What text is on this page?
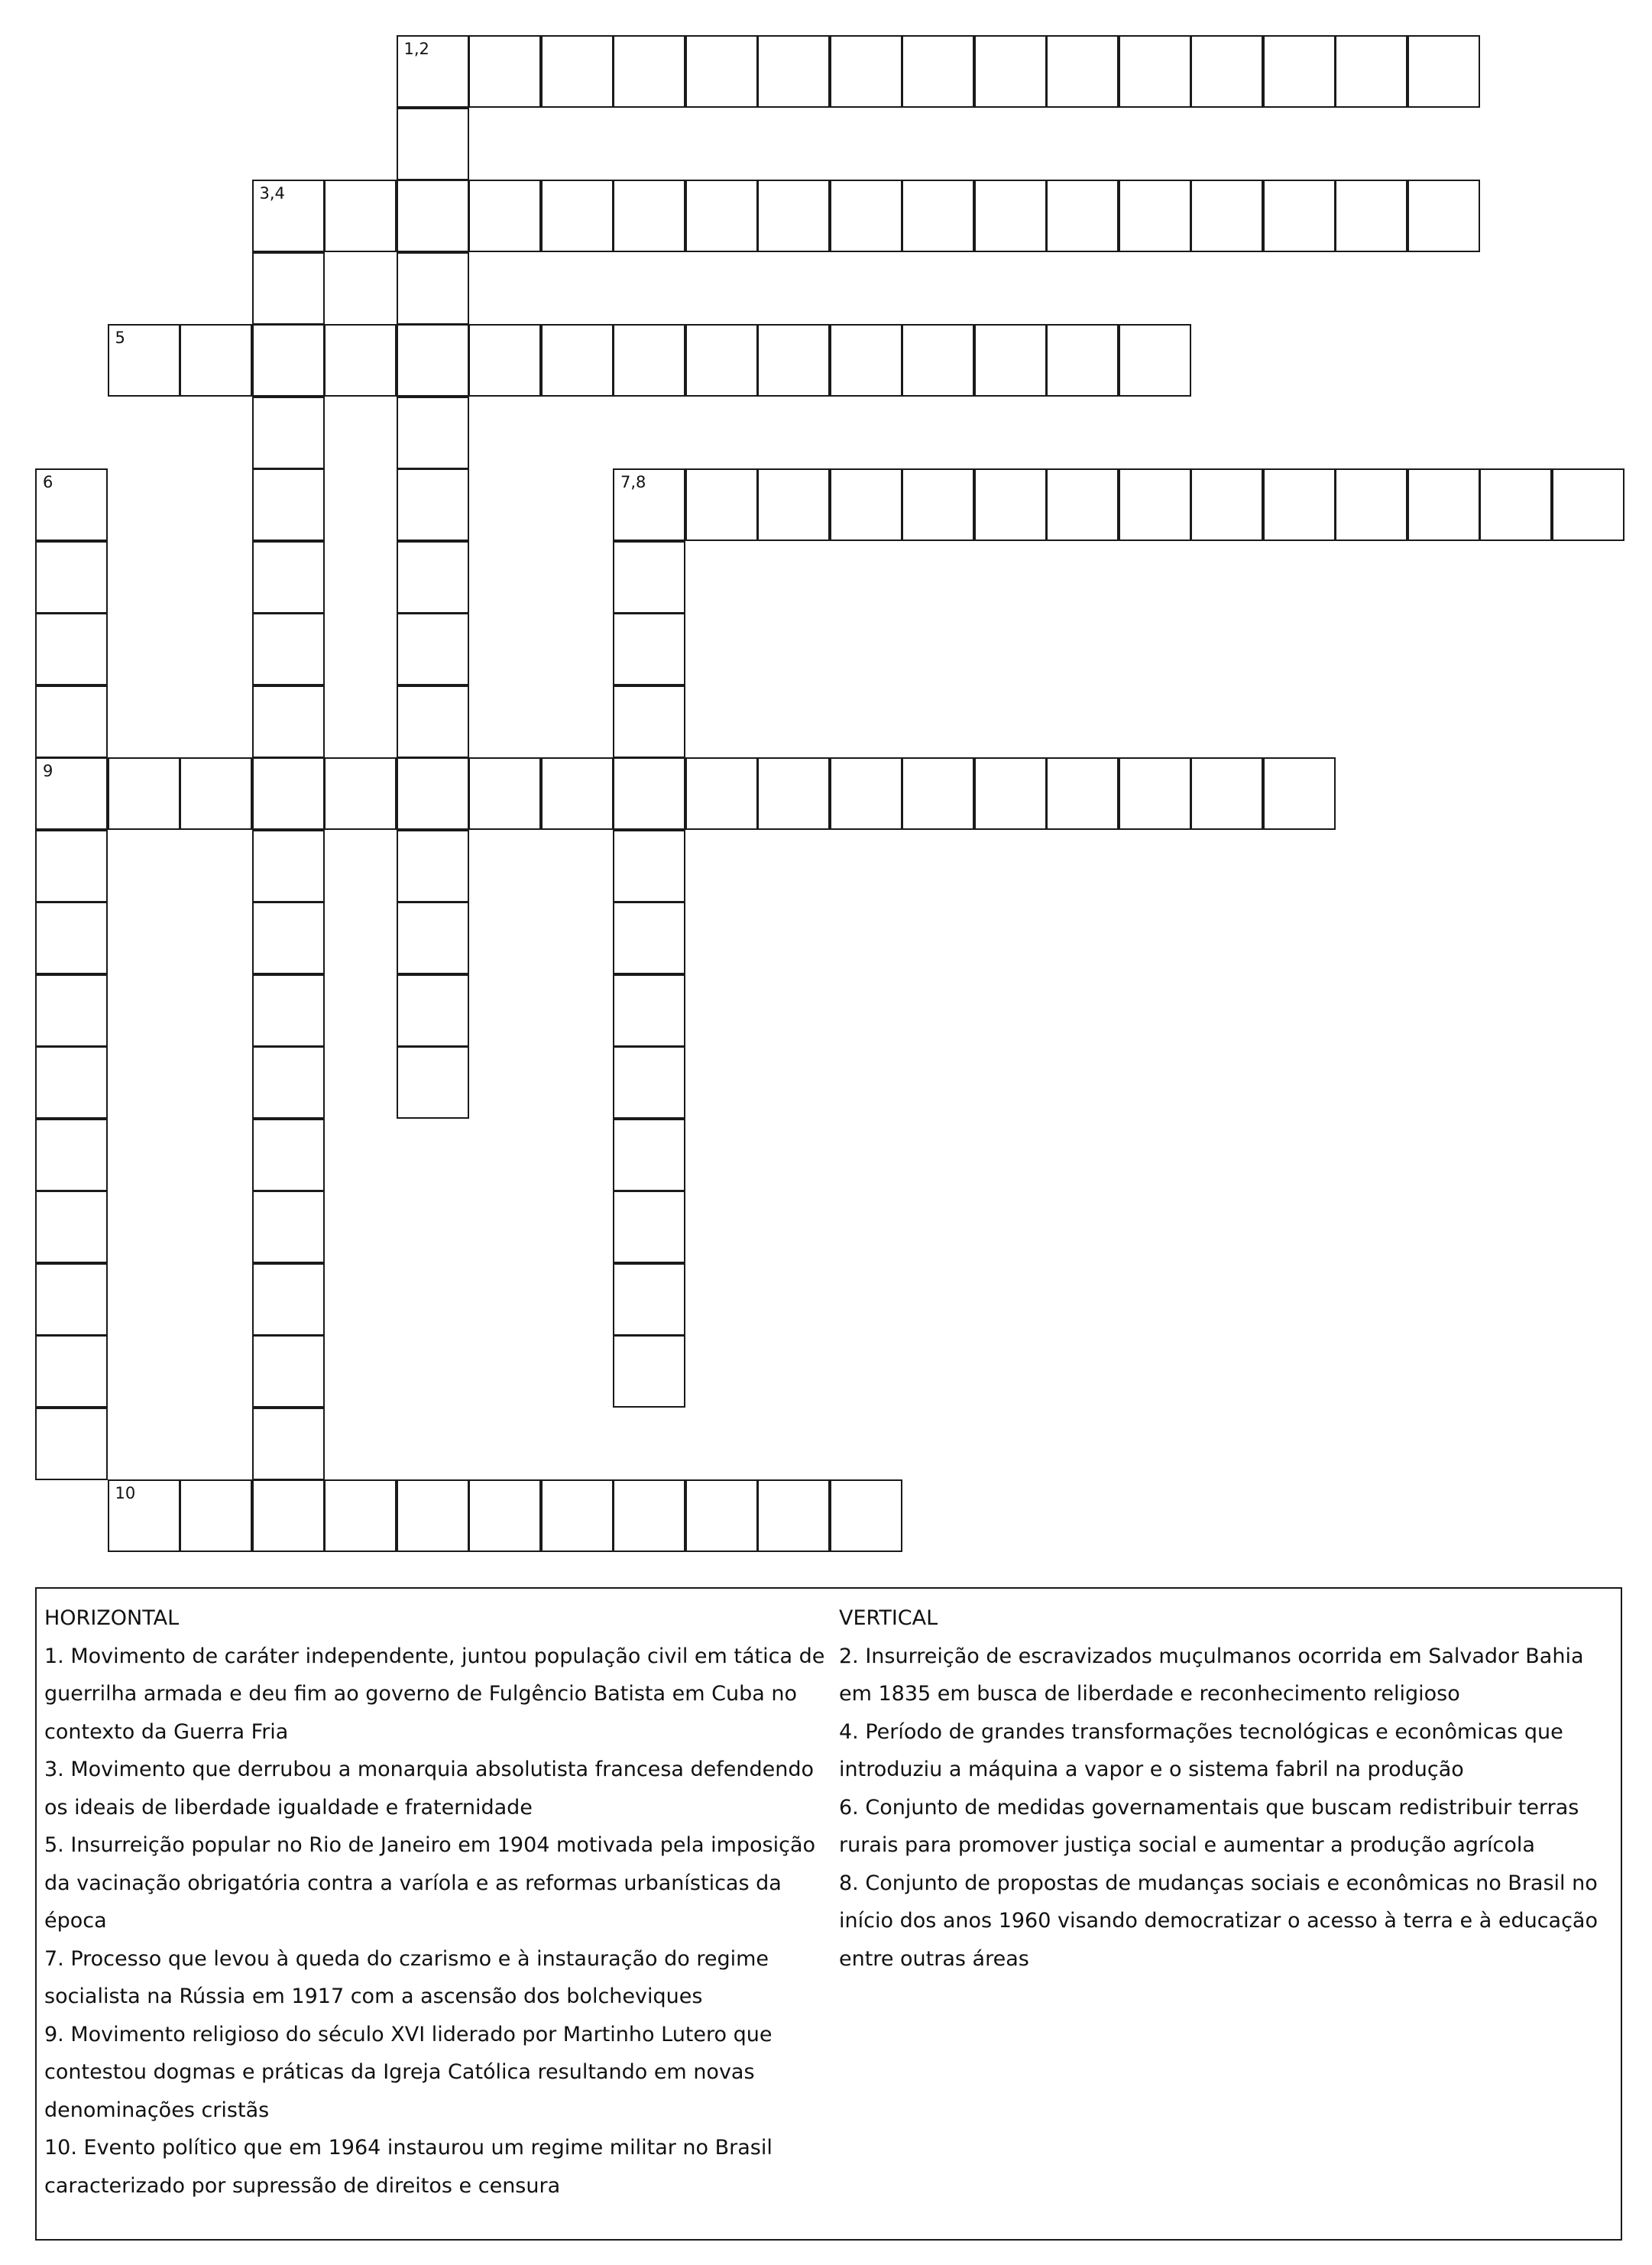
1,2
3,4
5
6
9
7,8
10
HORIZONTAL
1. Movimento de caráter independente, juntou população civil em tática de guerrilha armada e deu fim ao governo de Fulgêncio Batista em Cuba no contexto da Guerra Fria
3. Movimento que derrubou a monarquia absolutista francesa defendendo os ideais de liberdade igualdade e fraternidade
5. Insurreição popular no Rio de Janeiro em 1904 motivada pela imposição da vacinação obrigatória contra a varíola e as reformas urbanísticas da época
7. Processo que levou à queda do czarismo e à instauração do regime socialista na Rússia em 1917 com a ascensão dos bolcheviques
9. Movimento religioso do século XVI liderado por Martinho Lutero que contestou dogmas e práticas da Igreja Católica resultando em novas denominações cristãs
10. Evento político que em 1964 instaurou um regime militar no Brasil caracterizado por supressão de direitos e censura
VERTICAL
2. Insurreição de escravizados muçulmanos ocorrida em Salvador Bahia em 1835 em busca de liberdade e reconhecimento religioso
4. Período de grandes transformações tecnológicas e econômicas que introduziu a máquina a vapor e o sistema fabril na produção
6. Conjunto de medidas governamentais que buscam redistribuir terras rurais para promover justiça social e aumentar a produção agrícola
8. Conjunto de propostas de mudanças sociais e econômicas no Brasil no início dos anos 1960 visando democratizar o acesso à terra e à educação entre outras áreas
